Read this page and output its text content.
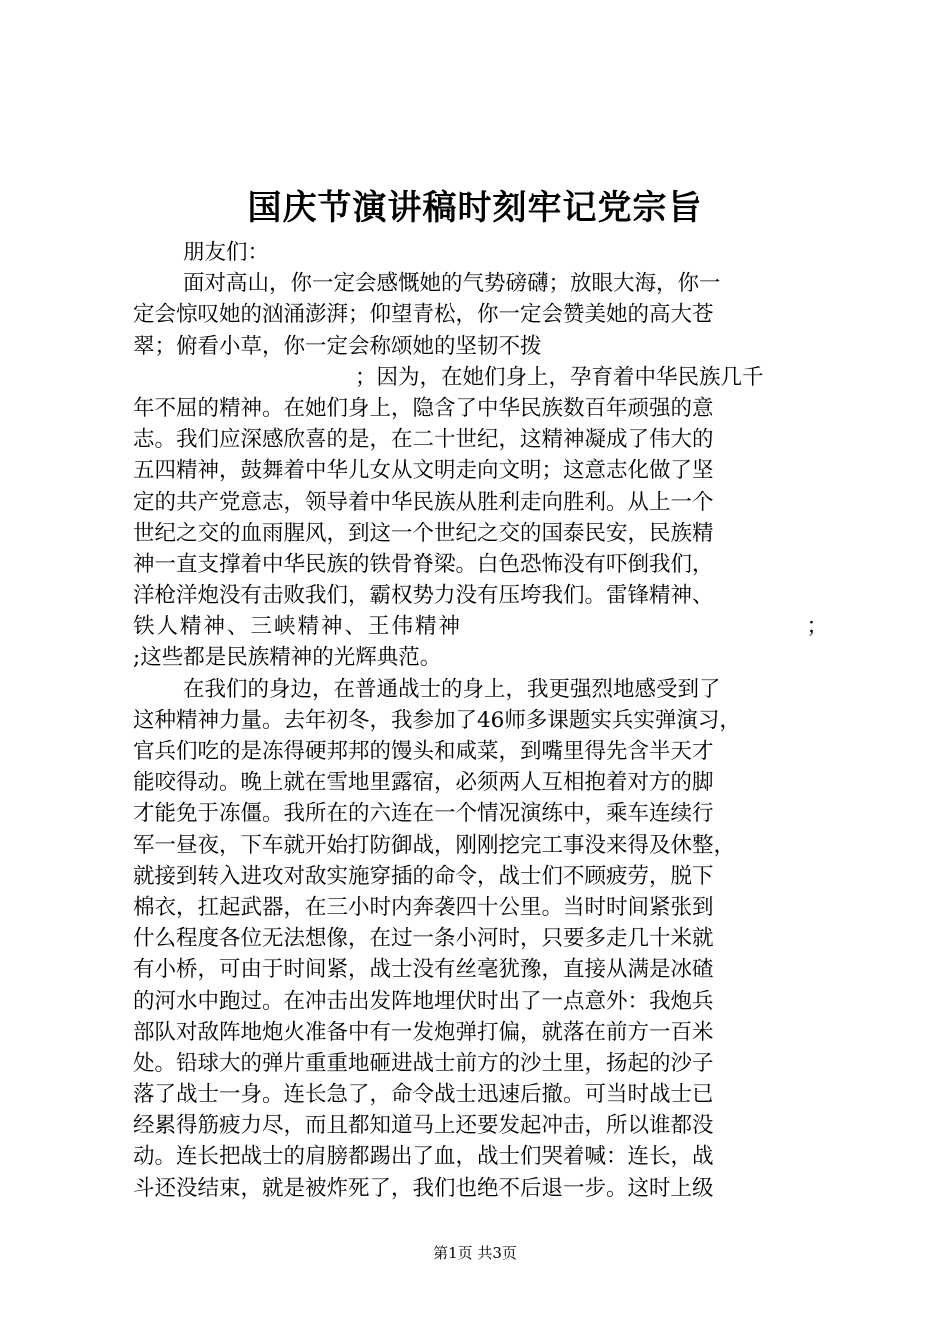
国庆节演讲稿时刻牢记党宗旨
朋友们：
面对高山，你一定会感慨她的气势磅礴；放眼大海，你一
定会惊叹她的汹涌澎湃；仰望青松，你一定会赞美她的高大苍
翠；俯看小草，你一定会称颂她的坚韧不拨
；因为，在她们身上，孕育着中华民族几千
年不屈的精神。在她们身上，隐含了中华民族数百年顽强的意
志。我们应深感欣喜的是，在二十世纪，这精神凝成了伟大的
五四精神，鼓舞着中华儿女从文明走向文明；这意志化做了坚
定的共产党意志，领导着中华民族从胜利走向胜利。从上一个
世纪之交的血雨腥风，到这一个世纪之交的国泰民安，民族精
神一直支撑着中华民族的铁骨脊梁。白色恐怖没有吓倒我们，
洋枪洋炮没有击败我们，霸权势力没有压垮我们。雷锋精神、
铁人精神、三峡精神、王伟精神	；
;这些都是民族精神的光辉典范。
在我们的身边，在普通战士的身上，我更强烈地感受到了
这种精神力量。去年初冬，我参加了46师多课题实兵实弹演习，
官兵们吃的是冻得硬邦邦的馒头和咸菜，到嘴里得先含半天才
能咬得动。晚上就在雪地里露宿，必须两人互相抱着对方的脚
才能免于冻僵。我所在的六连在一个情况演练中，乘车连续行
军一昼夜，下车就开始打防御战，刚刚挖完工事没来得及休整，
就接到转入进攻对敌实施穿插的命令，战士们不顾疲劳，脱下
棉衣，扛起武器，在三小时内奔袭四十公里。当时时间紧张到
什么程度各位无法想像，在过一条小河时，只要多走几十米就
有小桥，可由于时间紧，战士没有丝毫犹豫，直接从满是冰碴
的河水中跑过。在冲击出发阵地埋伏时出了一点意外：我炮兵
部队对敌阵地炮火准备中有一发炮弹打偏，就落在前方一百米
处。铅球大的弹片重重地砸进战士前方的沙土里，扬起的沙子
落了战士一身。连长急了，命令战士迅速后撤。可当时战士已
经累得筋疲力尽，而且都知道马上还要发起冲击，所以谁都没
动。连长把战士的肩膀都踢出了血，战士们哭着喊：连长，战
斗还没结束，就是被炸死了，我们也绝不后退一步。这时上级
第1页 共3页
